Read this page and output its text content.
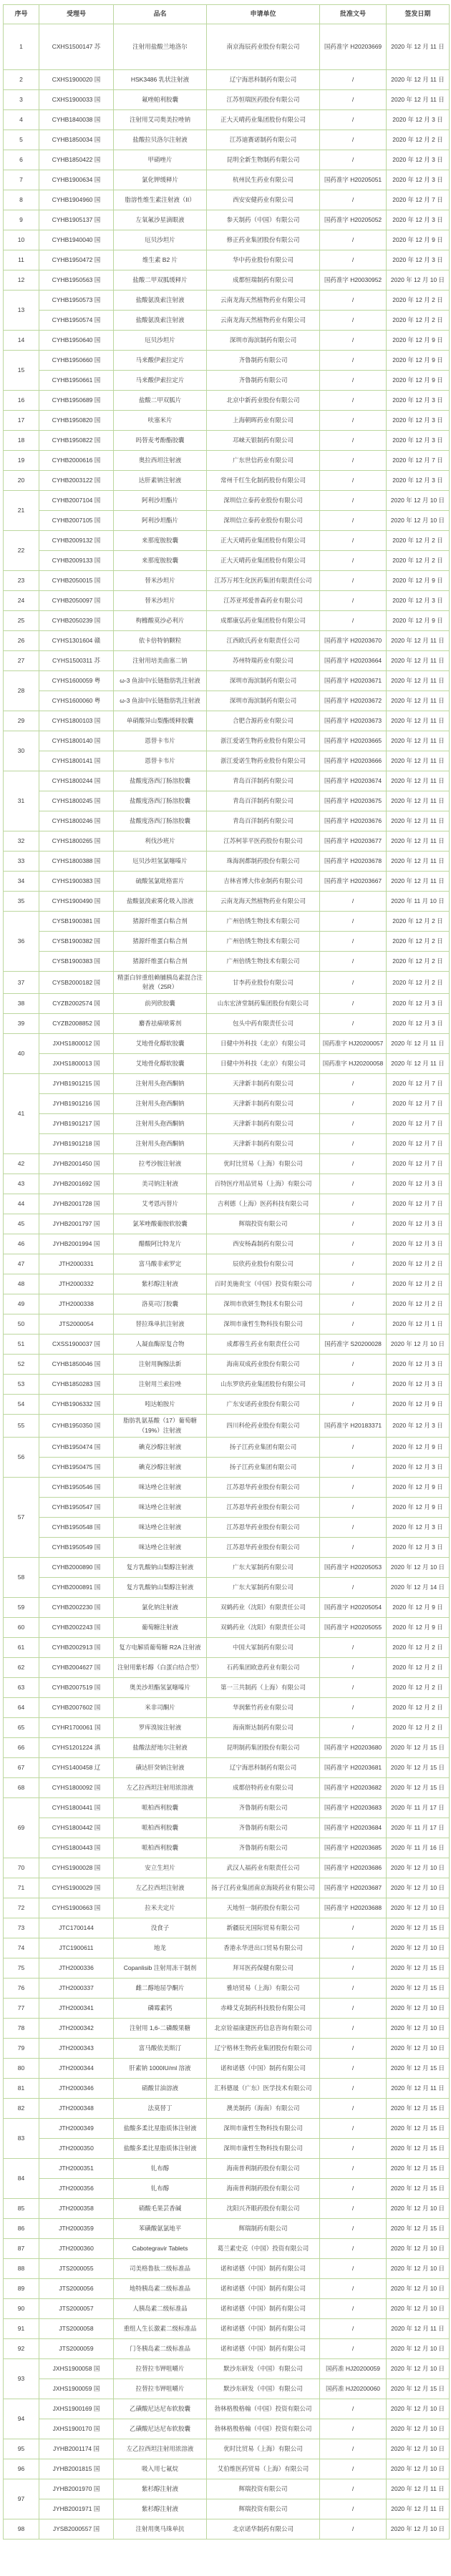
序号	受理号	品名	申请单位	批准文号	签发日期
1	CXHS1500147 苏	注射用盐酸兰地洛尔	南京海辰药业股份有限公司	国药准字 H20203669	2020 年 12 月 11 日
2	CXHS1900020 国	HSK3486 乳状注射液	辽宁海思科制药有限公司	/	2020 年 12 月 11 日
3	CXHS1900033 国	氟唑帕利胶囊	江苏恒瑞医药股份有限公司	/	2020 年 12 月 11 日
4	CYHB1840038 国	注射用艾司奥美拉唑钠	正大天晴药业集团股份有限公司	/	2020 年 12 月 3 日
5	CYHB1850034 国	盐酸拉贝洛尔注射液	江苏迪赛诺制药有限公司	/	2020 年 12 月 2 日
6	CYHB1850422 国	甲硝唑片	昆明全新生物制药有限公司	/	2020 年 12 月 3 日
7	CYHB1900634 国	氯化钾缓释片	杭州民生药业有限公司	国药准字 H20205051	2020 年 12 月 3 日
8	CYHB1904960 国	脂溶性维生素注射液（II）	西安安健药业有限公司	/	2020 年 12 月 7 日
9	CYHB1905137 国	左氧氟沙星滴眼液	参天制药（中国）有限公司	国药准字 H20205052	2020 年 12 月 3 日
10	CYHB1940040 国	厄贝沙坦片	修正药业集团股份有限公司	/	2020 年 12 月 9 日
11	CYHB1950472 国	维生素 B2 片	华中药业股份有限公司	/	2020 年 12 月 3 日
12	CYHB1950563 国	盐酸二甲双胍缓释片	成都恒瑞制药有限公司	国药准字 H20030952	2020 年 12 月 10 日
13
CYHB1950573 国	盐酸氨溴索注射液	云南龙海天然植物药业有限公司	/	2020 年 12 月 2 日
CYHB1950574 国	盐酸氨溴索注射液	云南龙海天然植物药业有限公司	/	2020 年 12 月 2 日
14	CYHB1950640 国	厄贝沙坦片	深圳市海滨制药有限公司	/	2020 年 12 月 9 日
15
CYHB1950660 国	马来酸伊索拉定片	齐鲁制药有限公司	/	2020 年 12 月 9 日
CYHB1950661 国	马来酸伊索拉定片	齐鲁制药有限公司	/	2020 年 12 月 9 日
16	CYHB1950689 国	盐酸二甲双胍片	北京中新药业股份有限公司	/	2020 年 12 月 3 日
17	CYHB1950820 国	呋塞米片	上海朝晖药业有限公司	/	2020 年 12 月 3 日
18	CYHB1950822 国	吗替麦考酚酯胶囊	邛崃天银制药有限公司	/	2020 年 12 月 3 日
19	CYHB2000616 国	奥拉西坦注射液	广东世信药业有限公司	/	2020 年 12 月 7 日
20	CYHB2003122 国	达肝素钠注射液	常州千红生化制药股份有限公司	/	2020 年 12 月 3 日
21
CYHB2007104 国	阿利沙坦酯片	深圳信立泰药业股份有限公司	/	2020 年 12 月 10 日
CYHB2007105 国	阿利沙坦酯片	深圳信立泰药业股份有限公司	/	2020 年 12 月 10 日
22
CYHB2009132 国	来那度胺胶囊	正大天晴药业集团股份有限公司	/	2020 年 12 月 2 日
CYHB2009133 国	来那度胺胶囊	正大天晴药业集团股份有限公司	/	2020 年 12 月 2 日
23	CYHB2050015 国	替米沙坦片	江苏万邦生化医药集团有限责任公司	/	2020 年 12 月 9 日
24	CYHB2050097 国	替米沙坦片	江苏亚邦爱普森药业有限公司	/	2020 年 12 月 3 日
25	CYHB2050239 国	枸橼酸莫沙必利片	成都康弘药业集团股份有限公司	/	2020 年 12 月 9 日
26	CYHS1301604 赣	依卡倍特钠颗粒	江西欧氏药业有限责任公司	国药准字 H20203670	2020 年 12 月 11 日
27	CYHS1500311 苏	注射用培美曲塞二钠	苏州特瑞药业有限公司	国药准字 H20203664	2020 年 12 月 11 日
28
CYHS1600059 粤	ω-3 鱼油中/长链脂肪乳注射液	深圳市海滨制药有限公司	国药准字 H20203671	2020 年 12 月 11 日
CYHS1600060 粤	ω-3 鱼油中/长链脂肪乳注射液	深圳市海滨制药有限公司	国药准字 H20203672	2020 年 12 月 11 日
29	CYHS1800103 国	单硝酸异山梨酯缓释胶囊	合肥合源药业有限公司	国药准字 H20203673	2020 年 12 月 11 日
30
CYHS1800140 国	恩替卡韦片	浙江爱诺生物药业股份有限公司	国药准字 H20203665	2020 年 12 月 11 日
CYHS1800141 国	恩替卡韦片	浙江爱诺生物药业股份有限公司	国药准字 H20203666	2020 年 12 月 11 日
31
CYHS1800244 国	盐酸度洛西汀肠溶胶囊	青岛百洋制药有限公司	国药准字 H20203674	2020 年 12 月 11 日
CYHS1800245 国	盐酸度洛西汀肠溶胶囊	青岛百洋制药有限公司	国药准字 H20203675	2020 年 12 月 11 日
CYHS1800246 国	盐酸度洛西汀肠溶胶囊	青岛百洋制药有限公司	国药准字 H20203676	2020 年 12 月 11 日
32	CYHS1800265 国	利伐沙班片	江苏柯菲平医药股份有限公司	国药准字 H20203677	2020 年 12 月 11 日
33	CYHS1800388 国	厄贝沙坦氢氯噻嗪片	珠海润都制药股份有限公司	国药准字 H20203678	2020 年 12 月 11 日
34	CYHS1900383 国	硫酸氢氯吡格雷片	吉林省博大伟业制药有限公司	国药准字 H20203667	2020 年 12 月 11 日
35	CYHS1900490 国	盐酸氨溴索雾化吸入溶液	云南龙海天然植物药业有限公司	/	2020 年 11 月 10 日
36
CYSB1900381 国	猪源纤维蛋白粘合剂	广州倍绣生物技术有限公司	/	2020 年 12 月 2 日
CYSB1900382 国	猪源纤维蛋白粘合剂	广州倍绣生物技术有限公司	/	2020 年 12 月 2 日
CYSB1900383 国	猪源纤维蛋白粘合剂	广州倍绣生物技术有限公司	/	2020 年 12 月 2 日
37	CYSB2000182 国
精蛋白锌重组赖脯胰岛素混合注射液（25R）
甘李药业股份有限公司	/	2020 年 12 月 2 日
38	CYZB2002574 国	前列欣胶囊	山东宏济堂制药集团股份有限公司	/	2020 年 12 月 3 日
39	CYZB2008852 国	麝香祛痛喷雾剂	包头中药有限责任公司	/	2020 年 12 月 3 日
40
JXHS1800012 国	艾地骨化醇软胶囊	日健中外科技（北京）有限公司	国药准字 HJ20200057	2020 年 12 月 11 日
JXHS1800013 国	艾地骨化醇软胶囊	日健中外科技（北京）有限公司	国药准字 HJ20200058	2020 年 12 月 11 日
41
JYHB1901215 国	注射用头孢西酮钠	天津新丰制药有限公司	/	2020 年 12 月 7 日
JYHB1901216 国	注射用头孢西酮钠	天津新丰制药有限公司	/	2020 年 12 月 7 日
JYHB1901217 国	注射用头孢西酮钠	天津新丰制药有限公司	/	2020 年 12 月 7 日
JYHB1901218 国	注射用头孢西酮钠	天津新丰制药有限公司	/	2020 年 12 月 7 日
42	JYHB2001450 国	拉考沙胺注射液	优时比贸易（上海）有限公司	/	2020 年 12 月 7 日
43	JYHB2001692 国	美司钠注射液	百特医疗用品贸易（上海）有限公司	/	2020 年 12 月 3 日
44	JYHB2001728 国	艾考恩丙替片	吉利德（上海）医药科技有限公司	/	2020 年 12 月 7 日
45	JYHB2001797 国	氯苯唑酸葡胺软胶囊	辉瑞投资有限公司	/	2020 年 12 月 3 日
46	JYHB2001994 国	醋酸阿比特龙片	西安杨森制药有限公司	/	2020 年 12 月 3 日
47	JTH2000331	富马酸非索罗定	辰欣药业股份有限公司	/	2020 年 12 月 2 日
48	JTH2000332	紫杉醇注射液	百时美施贵宝（中国）投资有限公司	/	2020 年 12 月 2 日
49	JTH2000338	洛莫司汀胶囊	深圳市欣妍生物技术有限公司	/	2020 年 12 月 2 日
50	JTS2000054	替拉珠单抗注射液	深圳市康哲生物科技有限公司	/	2020 年 12 月 1 日
51	CXSS1900037 国	人凝血酶原复合物	成都蓉生药业有限责任公司	国药准字 S20200028	2020 年 12 月 10 日
52	CYHB1850046 国	注射用胸腺法新	海南双成药业股份有限公司	/	2020 年 12 月 3 日
53	CYHB1850283 国	注射用兰索拉唑	山东罗欣药业集团股份有限公司	/	2020 年 12 月 3 日
54	CYHB1906332 国	吲达帕胺片	广东安诺药业股份有限公司	/	2020 年 12 月 9 日
55	CYHB1950350 国
脂肪乳氨基酸（17）葡萄糖（19%）注射液
四川科伦药业股份有限公司	国药准字 H20183371	2020 年 12 月 3 日
56
CYHB1950474 国	碘克沙醇注射液	扬子江药业集团有限公司	/	2020 年 12 月 9 日
CYHB1950475 国	碘克沙醇注射液	扬子江药业集团有限公司	/	2020 年 12 月 3 日
57
CYHB1950546 国	咪达唑仑注射液	江苏恩华药业股份有限公司	/	2020 年 12 月 9 日
CYHB1950547 国	咪达唑仑注射液	江苏恩华药业股份有限公司	/	2020 年 12 月 9 日
CYHB1950548 国	咪达唑仑注射液	江苏恩华药业股份有限公司	/	2020 年 12 月 3 日
CYHB1950549 国	咪达唑仑注射液	江苏恩华药业股份有限公司	/	2020 年 12 月 3 日
58
CYHB2000890 国	复方乳酸钠山梨醇注射液	广东大冢制药有限公司	国药准字 H20205053	2020 年 12 月 10 日
CYHB2000891 国	复方乳酸钠山梨醇注射液	广东大冢制药有限公司	/	2020 年 12 月 14 日
59	CYHB2002230 国	氯化钠注射液	双鹤药业（沈阳）有限责任公司	国药准字 H20205054	2020 年 12 月 9 日
60	CYHB2002243 国	葡萄糖注射液	双鹤药业（沈阳）有限责任公司	国药准字 H20205055	2020 年 12 月 9 日
61	CYHB2002913 国	复方电解质葡萄糖 R2A 注射液	中国大冢制药有限公司	/	2020 年 12 月 2 日
62	CYHB2004627 国	注射用紫杉醇（白蛋白结合型）	石药集团欧意药业有限公司	/	2020 年 12 月 2 日
63	CYHB2007519 国	奥美沙坦酯氢氯噻嗪片	第一三共制药（上海）有限公司	/	2020 年 12 月 2 日
64	CYHB2007602 国	米非司酮片	华润紫竹药业有限公司	/	2020 年 12 月 2 日
65	CYHR1700061 国	罗库溴铵注射液	海南斯达制药有限公司	/	2020 年 12 月 2 日
66	CYHS1201224 滇	盐酸法舒地尔注射液	昆明制药集团股份有限公司	国药准字 H20203680	2020 年 12 月 15 日
67	CYHS1400458 辽	磺达肝癸钠注射液	辽宁海思科制药有限公司	国药准字 H20203681	2020 年 12 月 15 日
68	CYHS1800092 国	左乙拉西坦注射用浓溶液	成都倍特药业有限公司	国药准字 H20203682	2020 年 12 月 15 日
69
CYHS1800441 国	哌柏西利胶囊	齐鲁制药有限公司	国药准字 H20203683	2020 年 11 月 17 日
CYHS1800442 国	哌柏西利胶囊	齐鲁制药有限公司	国药准字 H20203684	2020 年 11 月 17 日
CYHS1800443 国	哌柏西利胶囊	齐鲁制药有限公司	国药准字 H20203685	2020 年 11 月 16 日
70	CYHS1900028 国	安立生坦片	武汉人福药业有限责任公司	国药准字 H20203686	2020 年 12 月 10 日
71	CYHS1900029 国	左乙拉西坦注射液	扬子江药业集团南京海陵药业有限公司	国药准字 H20203687	2020 年 12 月 10 日
72	CYHS1900663 国	拉米夫定片	天地恒一制药股份有限公司	国药准字 H20203688	2020 年 12 月 10 日
73	JTC1700144	没食子	新疆辰光国际贸易有限公司	/	2020 年 12 月 15 日
74	JTC1900611	地龙	香港永华进出口贸易有限公司	/	2020 年 12 月 10 日
75	JTH2000336	Copanlisib 注射用冻干制剂	拜耳医药保健有限公司	/	2020 年 12 月 15 日
76	JTH2000337	雌二醇地屈孕酮片	雅培贸易（上海）有限公司	/	2020 年 12 月 15 日
77	JTH2000341	磷霉素钙	赤峰艾克制药科技股份有限公司	/	2020 年 12 月 10 日
78	JTH2000342	注射用 1,6-二磷酸果糖	北京铨福康建医药信息咨询有限公司	/	2020 年 12 月 10 日
79	JTH2000343	富马酸依美斯汀	辽宁格林生物药业集团股份有限公司	/	2020 年 12 月 10 日
80	JTH2000344	肝素钠 1000IU/ml 溶液	诺和诺德（中国）制药有限公司	/	2020 年 12 月 15 日
81	JTH2000346	硝酸甘油溶液	汇科德晟（广东）医学技术有限公司	/	2020 年 12 月 11 日
82	JTH2000348	法莫替丁	澳美制药（海南）有限公司	/	2020 年 12 月 15 日
83
JTH2000349	盐酸多柔比星脂质体注射液	深圳市康哲生物科技有限公司	/	2020 年 12 月 15 日
JTH2000350	盐酸多柔比星脂质体注射液	深圳市康哲生物科技有限公司	/	2020 年 12 月 15 日
84
JTH2000351	钆布醇	海南普利制药股份有限公司	/	2020 年 12 月 15 日
JTH2000356	钆布醇	海南普利制药股份有限公司	/	2020 年 12 月 15 日
85	JTH2000358	硝酸毛果芸香碱	沈阳兴齐眼药股份有限公司	/	2020 年 12 月 10 日
86	JTH2000359	苯磺酸氨氯地平	辉瑞制药有限公司	/	2020 年 12 月 15 日
87	JTH2000360	Cabotegravir Tablets	葛兰素史克（中国）投资有限公司	/	2020 年 12 月 10 日
88	JTS2000055	司美格鲁肽二级标准品	诺和诺德（中国）制药有限公司	/	2020 年 12 月 10 日
89	JTS2000056	地特胰岛素二级标准品	诺和诺德（中国）制药有限公司	/	2020 年 12 月 10 日
90	JTS2000057	人胰岛素二级标准品	诺和诺德（中国）制药有限公司	/	2020 年 12 月 10 日
91	JTS2000058	重组人生长激素二级标准品	诺和诺德（中国）制药有限公司	/	2020 年 12 月 11 日
92	JTS2000059	门冬胰岛素二级标准品	诺和诺德（中国）制药有限公司	/	2020 年 12 月 10 日
93
JXHS1900058 国	拉替拉韦钾咀嚼片	默沙东研发（中国）有限公司	国药准 HJ20200059	2020 年 12 月 10 日
JXHS1900059 国	拉替拉韦钾咀嚼片	默沙东研发（中国）有限公司	国药准 HJ20200060	2020 年 12 月 15 日
94
JXHS1900169 国	乙磺酸尼达尼布软胶囊	勃林格殷格翰（中国）投资有限公司	/	2020 年 12 月 10 日
JXHS1900170 国	乙磺酸尼达尼布软胶囊	勃林格殷格翰（中国）投资有限公司	/	2020 年 12 月 10 日
95	JYHB2001174 国	左乙拉西坦注射用浓溶液	优时比贸易（上海）有限公司	/	2020 年 12 月 10 日
96	JYHB2001815 国	吸入用七氟烷	艾伯维医药贸易（上海）有限公司	/	2020 年 12 月 10 日
97
JYHB2001970 国	紫杉醇注射液	辉瑞投资有限公司	/	2020 年 12 月 11 日
JYHB2001971 国	紫杉醇注射液	辉瑞投资有限公司	/	2020 年 12 月 11 日
98	JYSB2000557 国	注射用奥马珠单抗	北京诺华制药有限公司	/	2020 年 12 月 10 日
